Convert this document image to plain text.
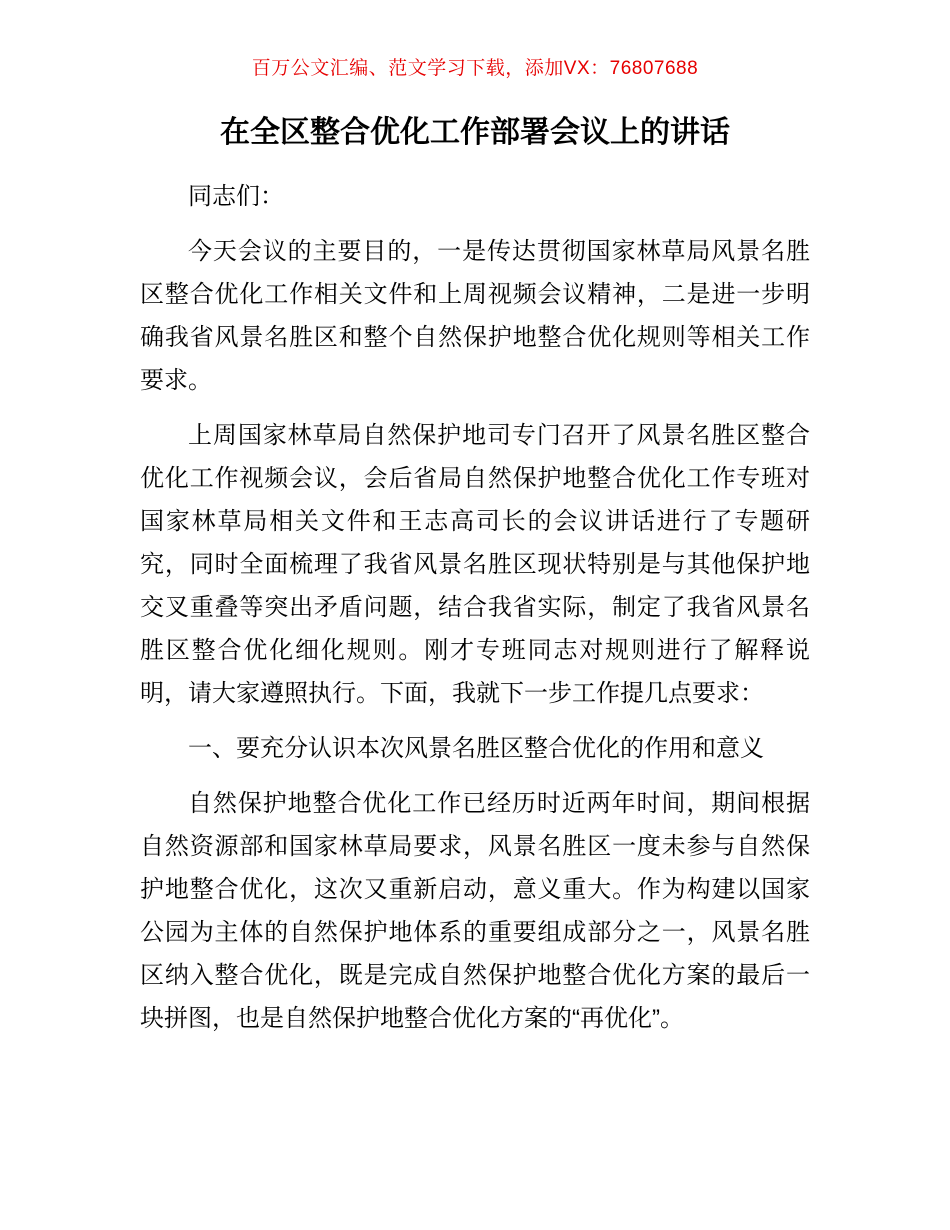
百万公文汇编、范文学习下载，添加VX：76807688
在全区整合优化工作部署会议上的讲话

同志们：

今天会议的主要目的，一是传达贯彻国家林草局风景名胜区整合优化工作相关文件和上周视频会议精神，二是进一步明确我省风景名胜区和整个自然保护地整合优化规则等相关工作要求。

上周国家林草局自然保护地司专门召开了风景名胜区整合优化工作视频会议，会后省局自然保护地整合优化工作专班对国家林草局相关文件和王志高司长的会议讲话进行了专题研究，同时全面梳理了我省风景名胜区现状特别是与其他保护地交叉重叠等突出矛盾问题，结合我省实际，制定了我省风景名胜区整合优化细化规则。刚才专班同志对规则进行了解释说明，请大家遵照执行。下面，我就下一步工作提几点要求：

一、要充分认识本次风景名胜区整合优化的作用和意义

自然保护地整合优化工作已经历时近两年时间，期间根据自然资源部和国家林草局要求，风景名胜区一度未参与自然保护地整合优化，这次又重新启动，意义重大。作为构建以国家公园为主体的自然保护地体系的重要组成部分之一，风景名胜区纳入整合优化，既是完成自然保护地整合优化方案的最后一块拼图，也是自然保护地整合优化方案的“再优化”。
